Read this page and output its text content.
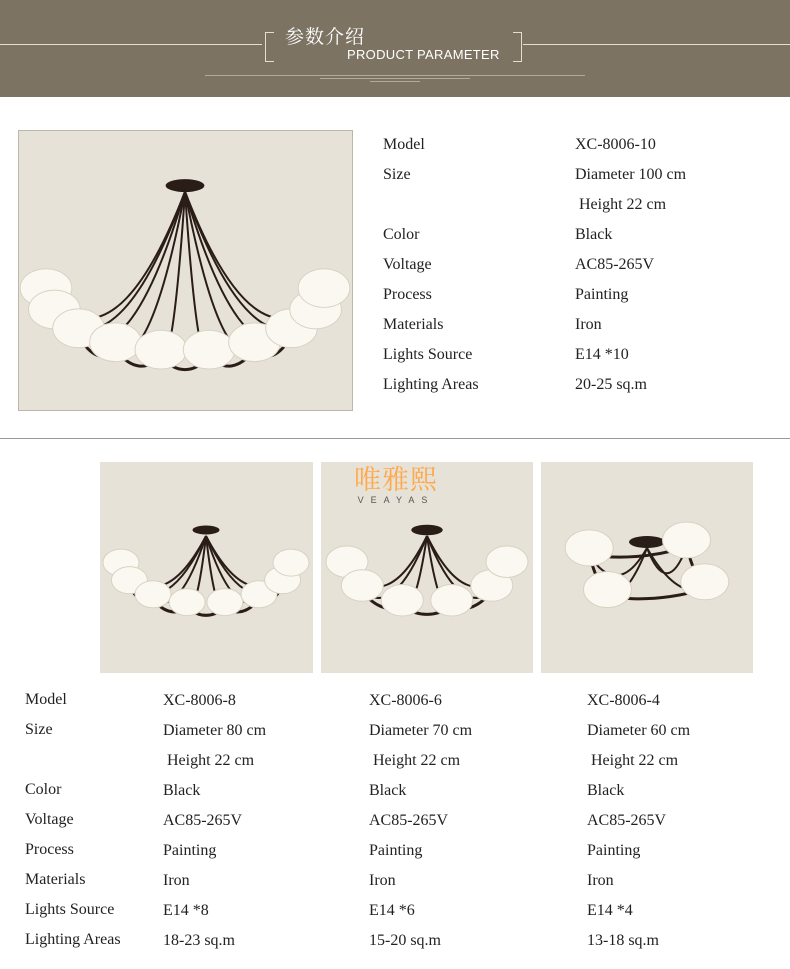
参数介绍
PRODUCT PARAMETER
Model
Size
Color
Voltage
Process
Materials
Lights Source
Lighting Areas
XC-8006-10
Diameter 100 cm
Height 22 cm
Black
AC85-265V
Painting
Iron
E14 *10
20-25 sq.m
唯雅熙
VEAYAS
Model
Size
Color
Voltage
Process
Materials
Lights Source
Lighting Areas
XC-8006-8
Diameter 80 cm
Height 22 cm
Black
AC85-265V
Painting
Iron
E14 *8
18-23 sq.m
XC-8006-6
Diameter 70 cm
Height 22 cm
Black
AC85-265V
Painting
Iron
E14 *6
15-20 sq.m
XC-8006-4
Diameter 60 cm
Height 22 cm
Black
AC85-265V
Painting
Iron
E14 *4
13-18 sq.m
